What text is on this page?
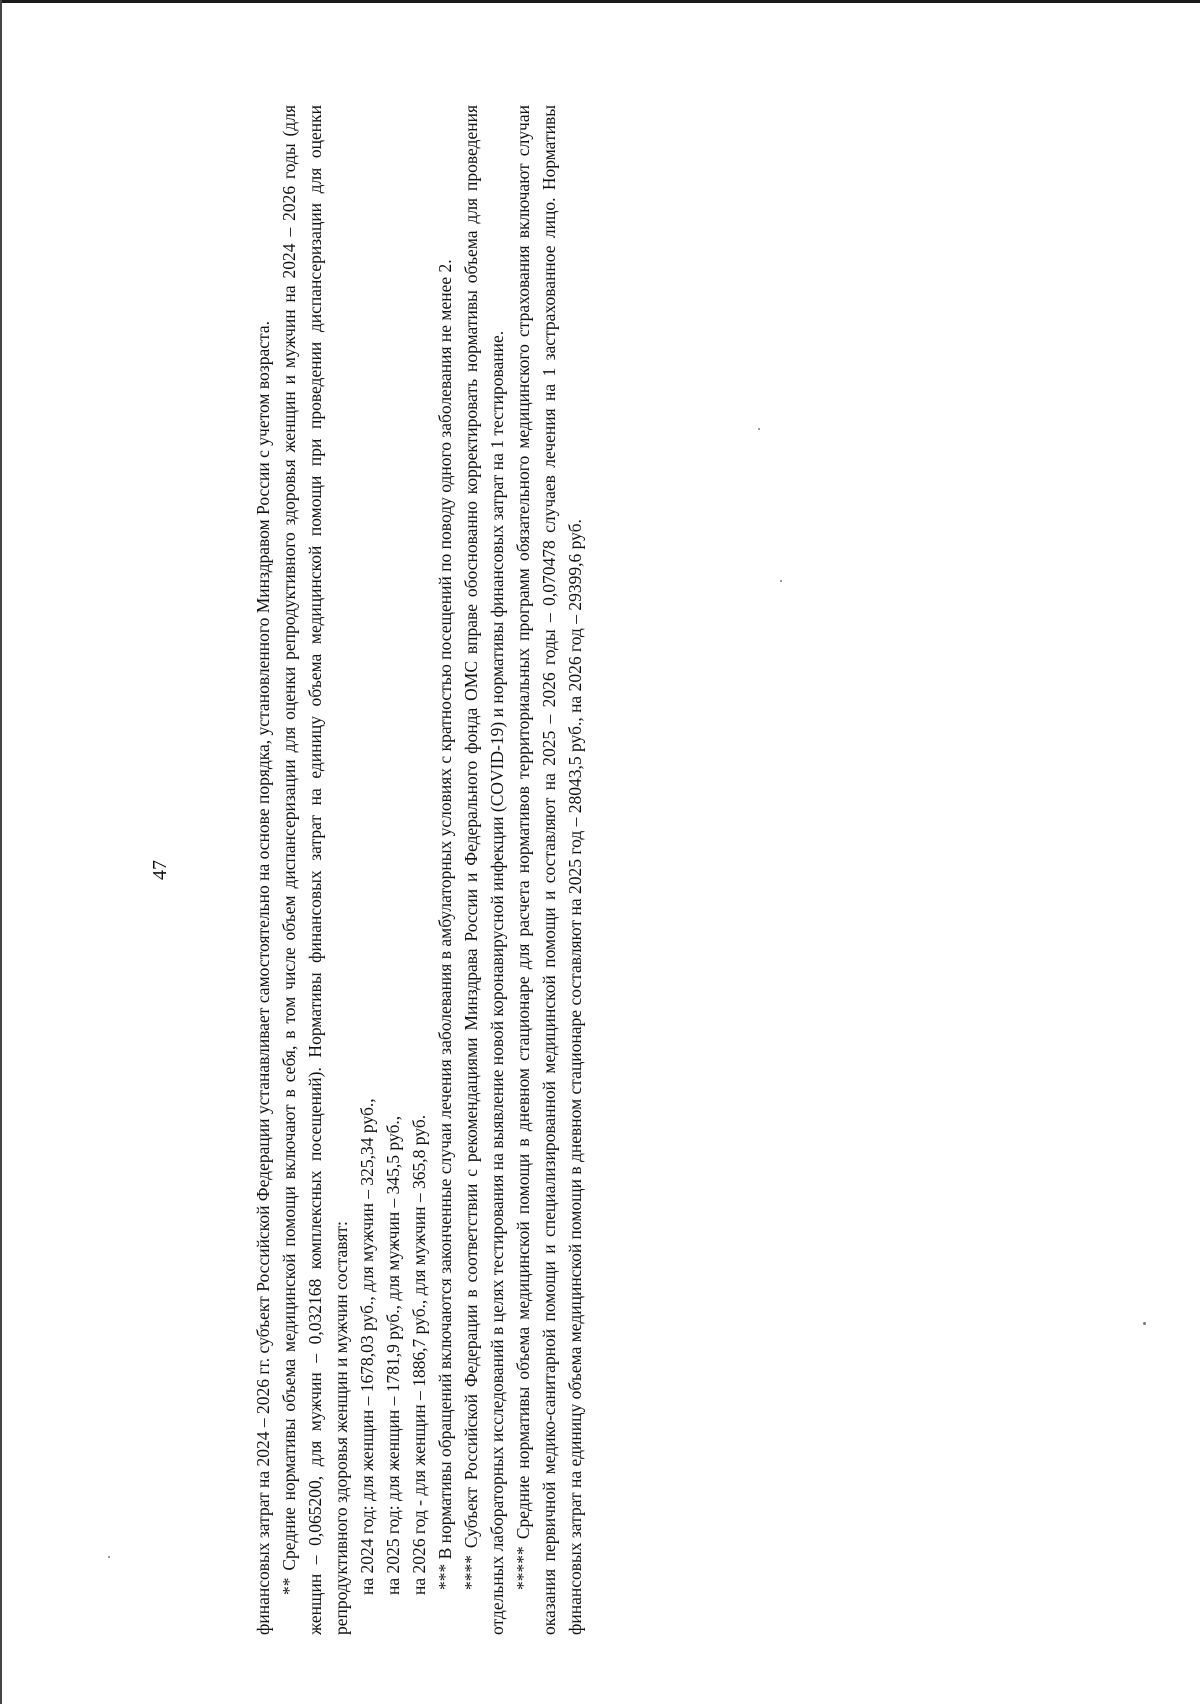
47	финансовых затрат на 2024 – 2026 гг. субъект Российской Федерации устанавливает самостоятельно на основе порядка, установленного Минздравом России с учетом возраста. ** Средние нормативы объема медицинской помощи включают в себя, в том числе объем диспансеризации для оценки репродуктивного здоровья женщин и мужчин на 2024 – 2026 годы (для женщин – 0,065200, для мужчин – 0,032168 комплексных посещений). Нормативы финансовых затрат на единицу объема медицинской помощи при проведении диспансеризации для оценки репродуктивного здоровья женщин и мужчин составят: на 2024 год: для женщин – 1678,03 руб., для мужчин – 325,34 руб., на 2025 год: для женщин – 1781,9 руб., для мужчин – 345,5 руб., на 2026 год - для женщин – 1886,7 руб., для мужчин – 365,8 руб. *** В нормативы обращений включаются законченные случаи лечения заболевания в амбулаторных условиях с кратностью посещений по поводу одного заболевания не менее 2. **** Субъект Российской Федерации в соответствии с рекомендациями Минздрава России и Федерального фонда ОМС вправе обоснованно корректировать нормативы объема для проведения отдельных лабораторных исследований в целях тестирования на выявление новой коронавирусной инфекции (COVID-19) и нормативы финансовых затрат на 1 тестирование. ***** Средние нормативы объема медицинской помощи в дневном стационаре для расчета нормативов территориальных программ обязательного медицинского страхования включают случаи оказания первичной медико-санитарной помощи и специализированной медицинской помощи и составляют на 2025 – 2026 годы – 0,070478 случаев лечения на 1 застрахованное лицо. Нормативы финансовых затрат на единицу объема медицинской помощи в дневном стационаре составляют на 2025 год – 28043,5 руб., на 2026 год – 29399,6 руб.
